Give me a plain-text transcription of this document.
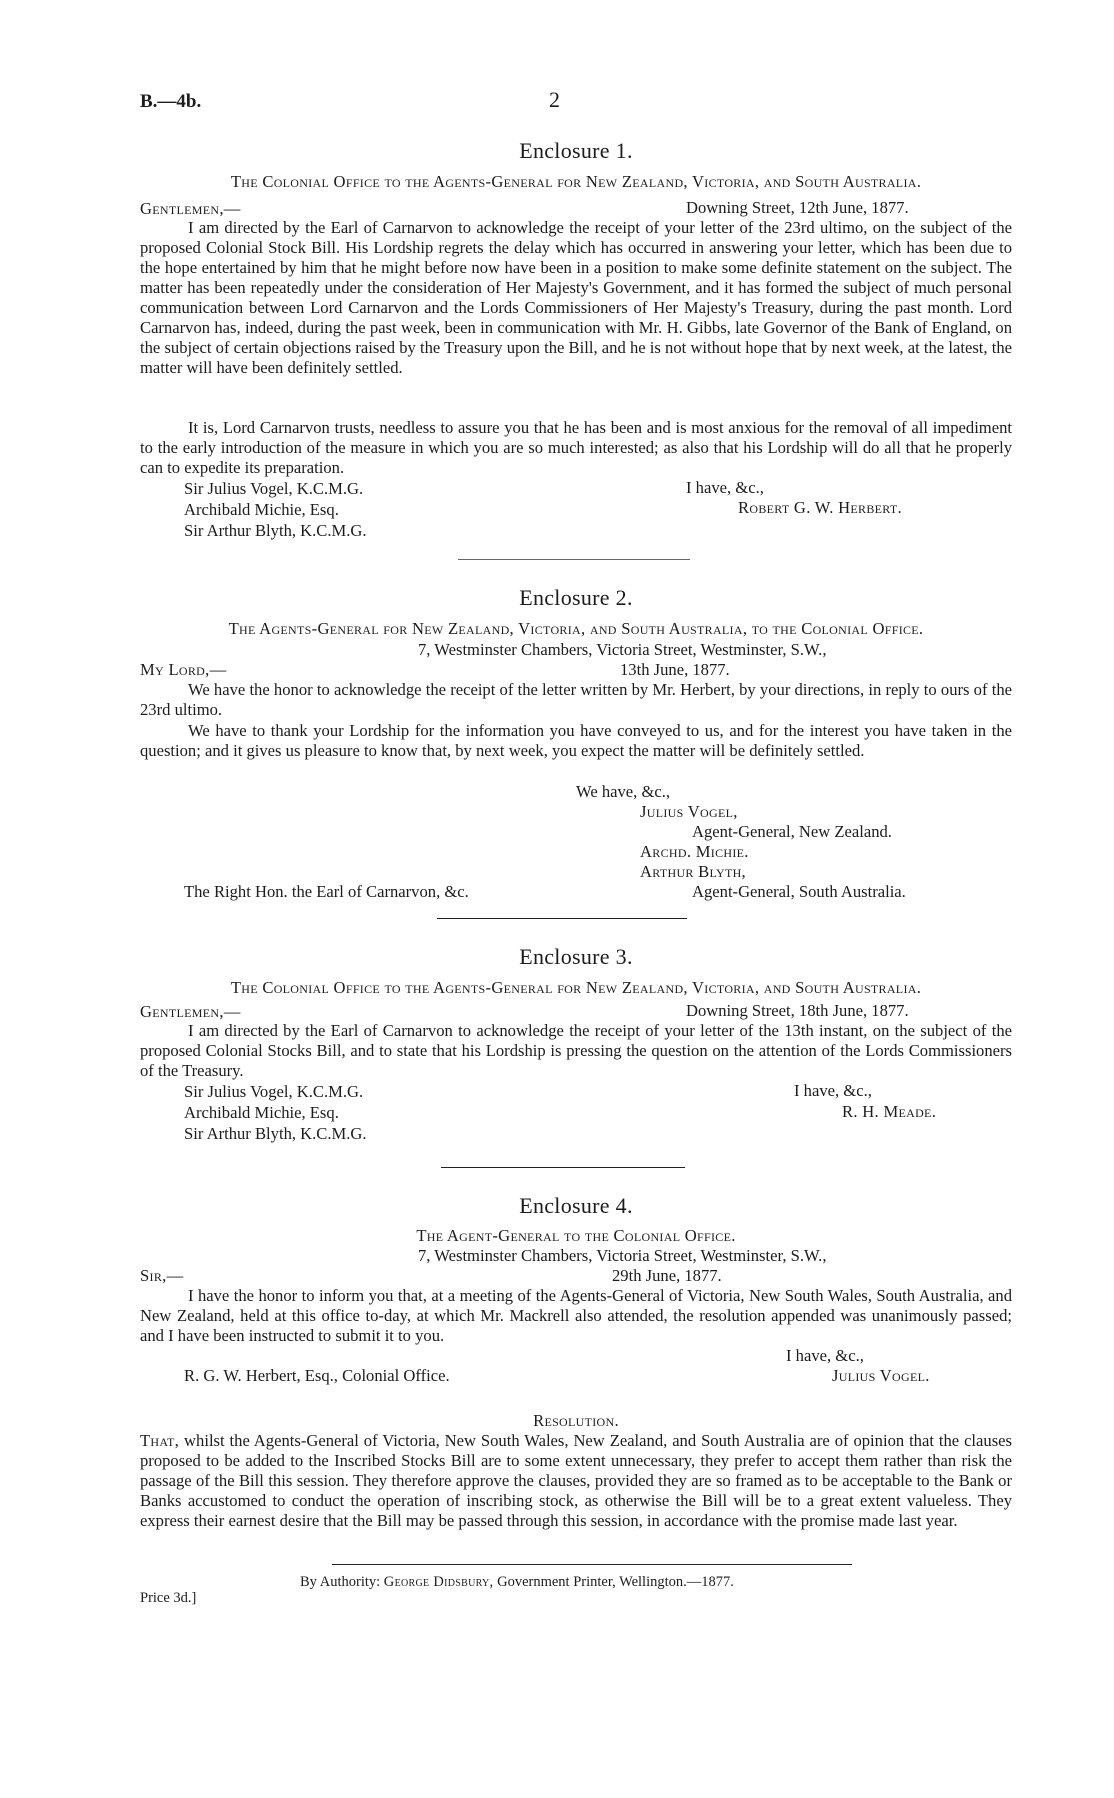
B.—4b.	2
Enclosure 1.
The Colonial Office to the Agents-General for New Zealand, Victoria, and South Australia.
Gentlemen,—	Downing Street, 12th June, 1877.
I am directed by the Earl of Carnarvon to acknowledge the receipt of your letter of the 23rd ultimo, on the subject of the proposed Colonial Stock Bill. His Lordship regrets the delay which has occurred in answering your letter, which has been due to the hope entertained by him that he might before now have been in a position to make some definite statement on the subject. The matter has been repeatedly under the consideration of Her Majesty's Government, and it has formed the subject of much personal communication between Lord Carnarvon and the Lords Commissioners of Her Majesty's Treasury, during the past month. Lord Carnarvon has, indeed, during the past week, been in communication with Mr. H. Gibbs, late Governor of the Bank of England, on the subject of certain objections raised by the Treasury upon the Bill, and he is not without hope that by next week, at the latest, the matter will have been definitely settled.
It is, Lord Carnarvon trusts, needless to assure you that he has been and is most anxious for the removal of all impediment to the early introduction of the measure in which you are so much interested; as also that his Lordship will do all that he properly can to expedite its preparation.
Sir Julius Vogel, K.C.M.G.
Archibald Michie, Esq.
Sir Arthur Blyth, K.C.M.G.
I have, &c.,
Robert G. W. Herbert.
Enclosure 2.
The Agents-General for New Zealand, Victoria, and South Australia, to the Colonial Office.
7, Westminster Chambers, Victoria Street, Westminster, S.W.,
My Lord,—	13th June, 1877.
We have the honor to acknowledge the receipt of the letter written by Mr. Herbert, by your directions, in reply to ours of the 23rd ultimo.
We have to thank your Lordship for the information you have conveyed to us, and for the interest you have taken in the question; and it gives us pleasure to know that, by next week, you expect the matter will be definitely settled.
We have, &c.,
Julius Vogel,
Agent-General, New Zealand.
Archd. Michie.
Arthur Blyth,
The Right Hon. the Earl of Carnarvon, &c.	Agent-General, South Australia.
Enclosure 3.
The Colonial Office to the Agents-General for New Zealand, Victoria, and South Australia.
Gentlemen,—	Downing Street, 18th June, 1877.
I am directed by the Earl of Carnarvon to acknowledge the receipt of your letter of the 13th instant, on the subject of the proposed Colonial Stocks Bill, and to state that his Lordship is pressing the question on the attention of the Lords Commissioners of the Treasury.
Sir Julius Vogel, K.C.M.G.
Archibald Michie, Esq.
Sir Arthur Blyth, K.C.M.G.
I have, &c.,
R. H. Meade.
Enclosure 4.
The Agent-General to the Colonial Office.
7, Westminster Chambers, Victoria Street, Westminster, S.W.,
Sir,—	29th June, 1877.
I have the honor to inform you that, at a meeting of the Agents-General of Victoria, New South Wales, South Australia, and New Zealand, held at this office to-day, at which Mr. Mackrell also attended, the resolution appended was unanimously passed; and I have been instructed to submit it to you.
I have, &c.,
R. G. W. Herbert, Esq., Colonial Office.	Julius Vogel.
Resolution.
That, whilst the Agents-General of Victoria, New South Wales, New Zealand, and South Australia are of opinion that the clauses proposed to be added to the Inscribed Stocks Bill are to some extent unnecessary, they prefer to accept them rather than risk the passage of the Bill this session. They therefore approve the clauses, provided they are so framed as to be acceptable to the Bank or Banks accustomed to conduct the operation of inscribing stock, as otherwise the Bill will be to a great extent valueless. They express their earnest desire that the Bill may be passed through this session, in accordance with the promise made last year.
By Authority: George Didsbury, Government Printer, Wellington.—1877.
Price 3d.]
